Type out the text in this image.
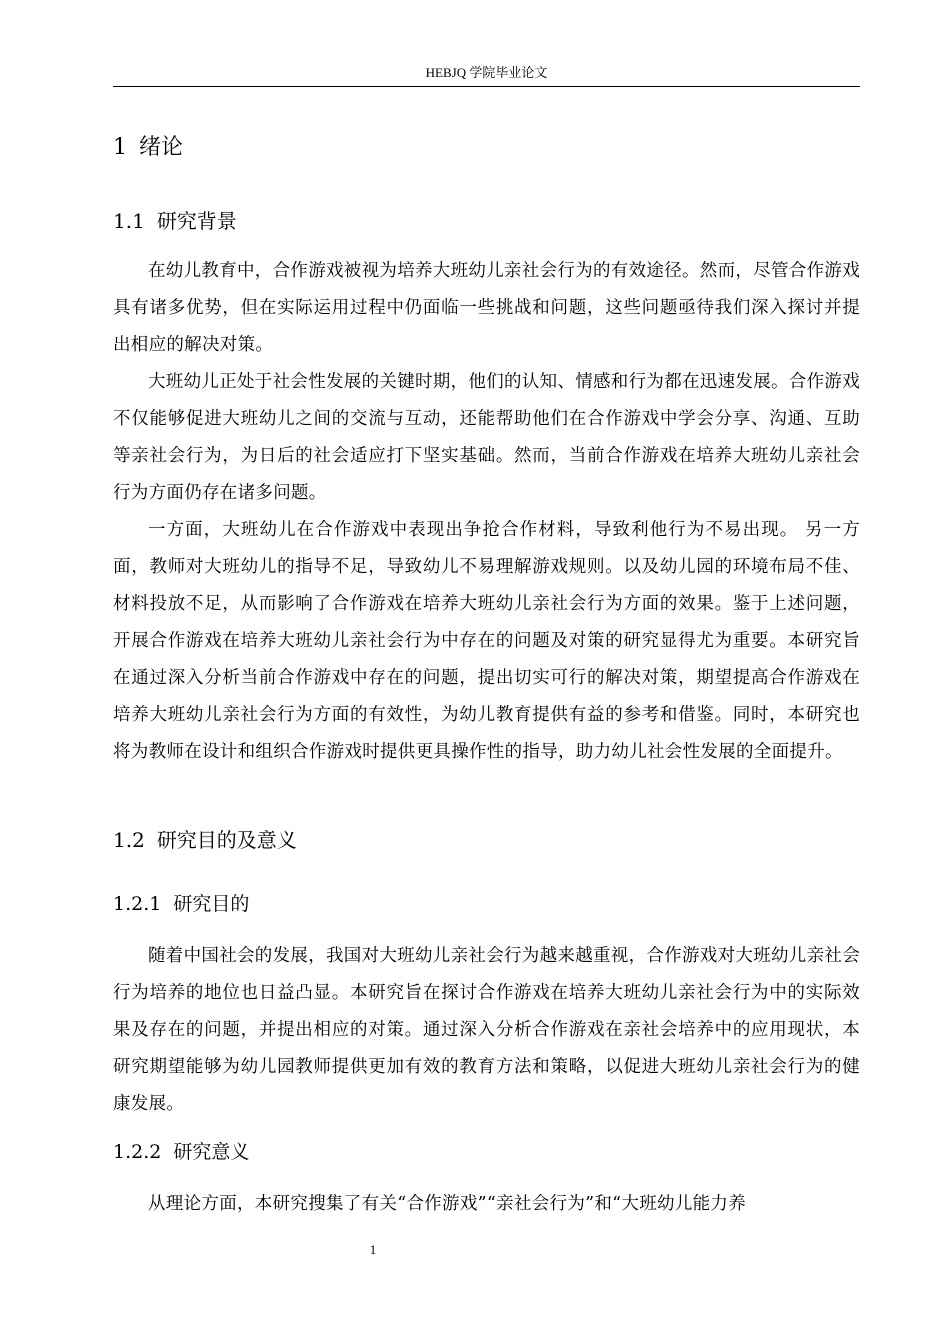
HEBJQ 学院毕业论文
1 绪论
1.1 研究背景

在幼儿教育中，合作游戏被视为培养大班幼儿亲社会行为的有效途径。然而，尽管合作游戏具有诸多优势，但在实际运用过程中仍面临一些挑战和问题，这些问题亟待我们深入探讨并提出相应的解决对策。

大班幼儿正处于社会性发展的关键时期，他们的认知、情感和行为都在迅速发展。合作游戏不仅能够促进大班幼儿之间的交流与互动，还能帮助他们在合作游戏中学会分享、沟通、互助等亲社会行为，为日后的社会适应打下坚实基础。然而，当前合作游戏在培养大班幼儿亲社会行为方面仍存在诸多问题。

一方面，大班幼儿在合作游戏中表现出争抢合作材料，导致利他行为不易出现。 另一方面，教师对大班幼儿的指导不足，导致幼儿不易理解游戏规则。以及幼儿园的环境布局不佳、材料投放不足，从而影响了合作游戏在培养大班幼儿亲社会行为方面的效果。鉴于上述问题，开展合作游戏在培养大班幼儿亲社会行为中存在的问题及对策的研究显得尤为重要。本研究旨在通过深入分析当前合作游戏中存在的问题，提出切实可行的解决对策，期望提高合作游戏在培养大班幼儿亲社会行为方面的有效性，为幼儿教育提供有益的参考和借鉴。同时，本研究也将为教师在设计和组织合作游戏时提供更具操作性的指导，助力幼儿社会性发展的全面提升。

1.2 研究目的及意义
1.2.1 研究目的

随着中国社会的发展，我国对大班幼儿亲社会行为越来越重视，合作游戏对大班幼儿亲社会行为培养的地位也日益凸显。本研究旨在探讨合作游戏在培养大班幼儿亲社会行为中的实际效果及存在的问题，并提出相应的对策。通过深入分析合作游戏在亲社会培养中的应用现状，本研究期望能够为幼儿园教师提供更加有效的教育方法和策略，以促进大班幼儿亲社会行为的健康发展。

1.2.2 研究意义

从理论方面，本研究搜集了有关“合作游戏”“亲社会行为”和“大班幼儿能力养

1
